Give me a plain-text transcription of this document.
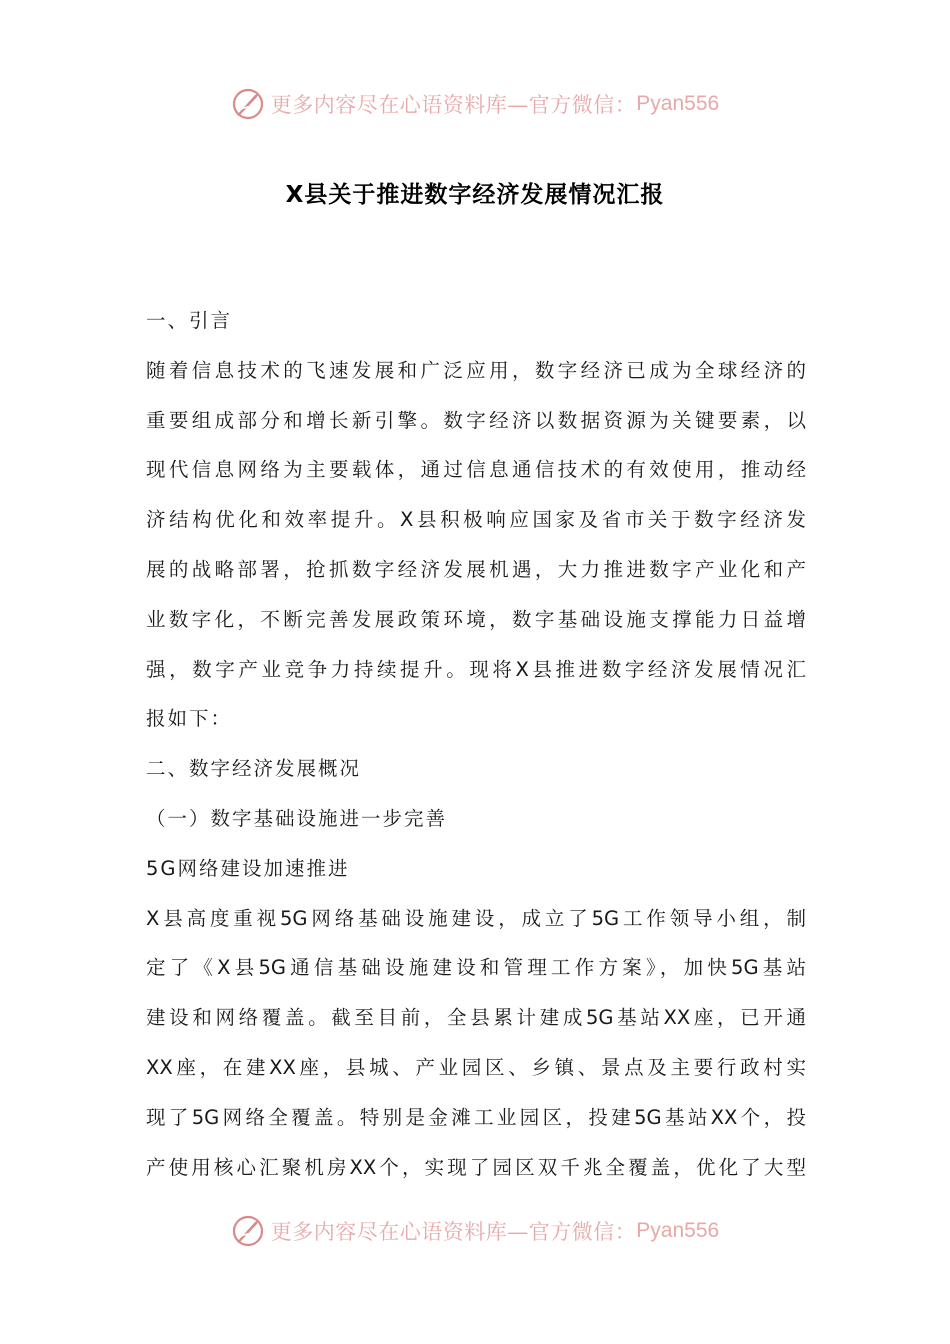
更多内容尽在心语资料库—官方微信： Pyan556
X县关于推进数字经济发展情况汇报
一、引言
随着信息技术的飞速发展和广泛应用，数字经济已成为全球经济的
重要组成部分和增长新引擎。数字经济以数据资源为关键要素，以
现代信息网络为主要载体，通过信息通信技术的有效使用，推动经
济结构优化和效率提升。X县积极响应国家及省市关于数字经济发
展的战略部署，抢抓数字经济发展机遇，大力推进数字产业化和产
业数字化，不断完善发展政策环境，数字基础设施支撑能力日益增
强，数字产业竞争力持续提升。现将X县推进数字经济发展情况汇
报如下：
二、数字经济发展概况
（一）数字基础设施进一步完善
5G网络建设加速推进
X县高度重视5G网络基础设施建设，成立了5G工作领导小组，制
定了《X县5G通信基础设施建设和管理工作方案》，加快5G基站
建设和网络覆盖。截至目前，全县累计建成5G基站XX座，已开通
XX座，在建XX座，县城、产业园区、乡镇、景点及主要行政村实
现了5G网络全覆盖。特别是金滩工业园区，投建5G基站XX个，投
产使用核心汇聚机房XX个，实现了园区双千兆全覆盖，优化了大型
更多内容尽在心语资料库—官方微信： Pyan556
